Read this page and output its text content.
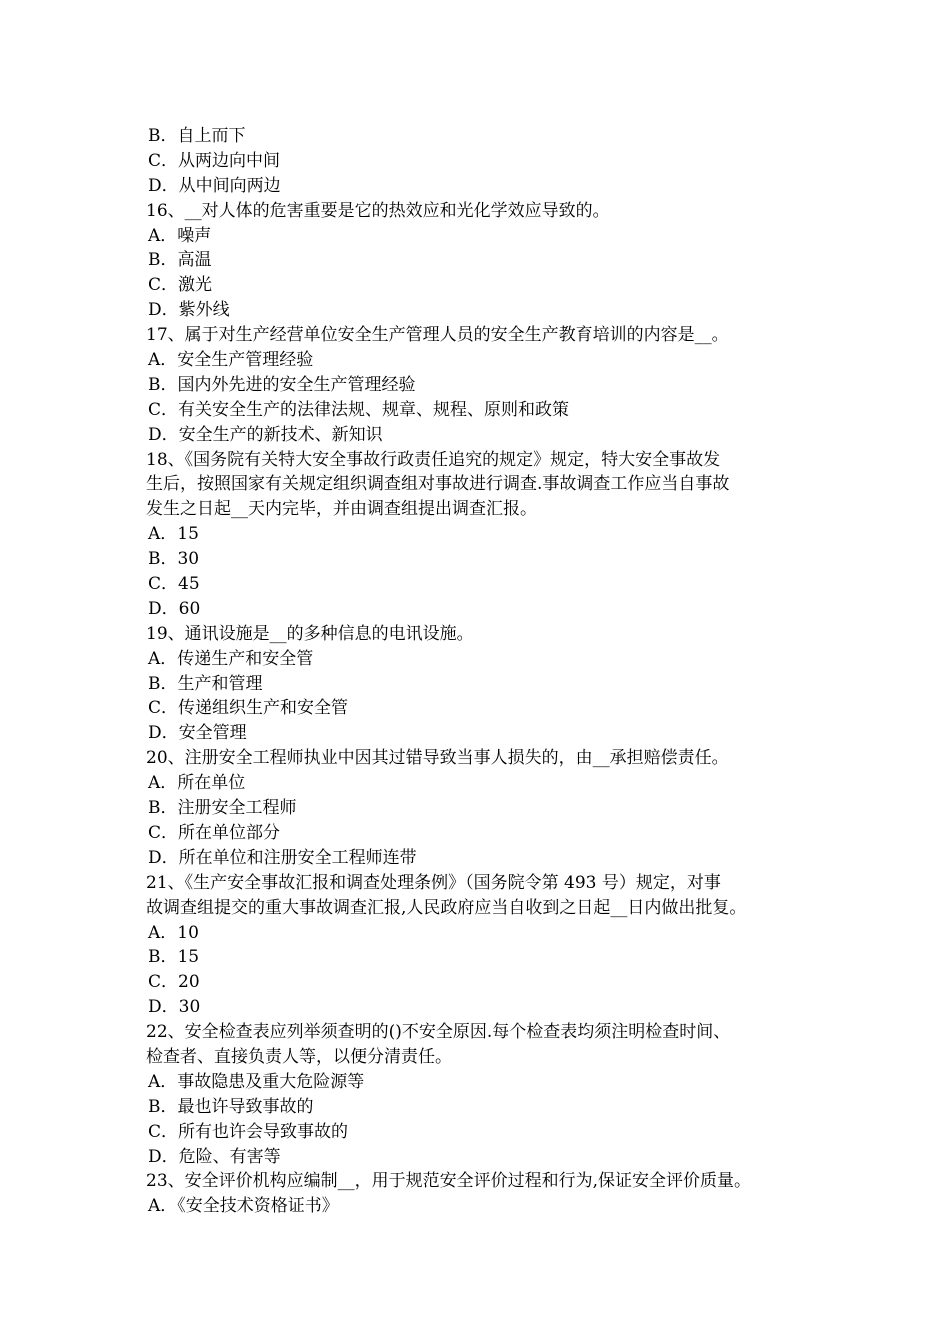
B．自上而下
C．从两边向中间
D．从中间向两边
16、__对人体的危害重要是它的热效应和光化学效应导致的。
A．噪声
B．高温
C．激光
D．紫外线
17、属于对生产经营单位安全生产管理人员的安全生产教育培训的内容是__。
A．安全生产管理经验
B．国内外先进的安全生产管理经验
C．有关安全生产的法律法规、规章、规程、原则和政策
D．安全生产的新技术、新知识
18、《国务院有关特大安全事故行政责任追究的规定》规定，特大安全事故发
生后，按照国家有关规定组织调查组对事故进行调查.事故调查工作应当自事故
发生之日起__天内完毕，并由调查组提出调查汇报。
A．15
B．30
C．45
D．60
19、通讯设施是__的多种信息的电讯设施。
A．传递生产和安全管
B．生产和管理
C．传递组织生产和安全管
D．安全管理
20、注册安全工程师执业中因其过错导致当事人损失的，由__承担赔偿责任。
A．所在单位
B．注册安全工程师
C．所在单位部分
D．所在单位和注册安全工程师连带
21、《生产安全事故汇报和调查处理条例》（国务院令第 493 号）规定，对事
故调查组提交的重大事故调查汇报,人民政府应当自收到之日起__日内做出批复。
A．10
B．15
C．20
D．30
22、安全检查表应列举须查明的()不安全原因.每个检查表均须注明检查时间、
检查者、直接负责人等，以便分清责任。
A．事故隐患及重大危险源等
B．最也许导致事故的
C．所有也许会导致事故的
D．危险、有害等
23、安全评价机构应编制__，用于规范安全评价过程和行为,保证安全评价质量。
A．《安全技术资格证书》
